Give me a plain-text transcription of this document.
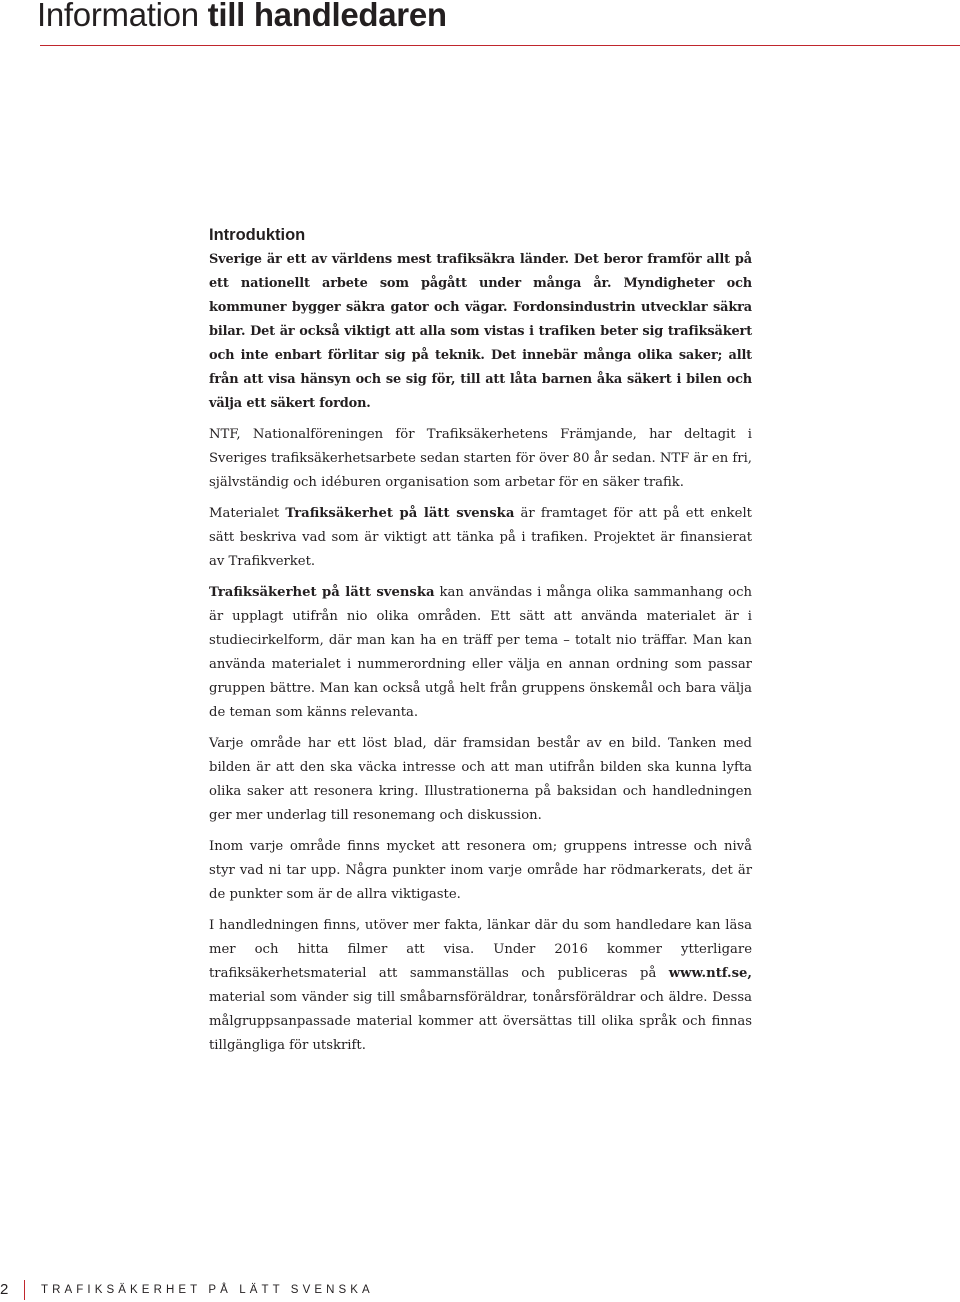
Information till handledaren
Introduktion

Sverige är ett av världens mest trafiksäkra länder. Det beror framför allt på ett nationellt arbete som pågått under många år. Myndigheter och kommuner bygger säkra gator och vägar. Fordonsindustrin utvecklar säkra bilar. Det är också viktigt att alla som vistas i trafiken beter sig trafiksäkert och inte enbart förlitar sig på teknik. Det innebär många olika saker; allt från att visa hänsyn och se sig för, till att låta barnen åka säkert i bilen och välja ett säkert fordon.

NTF, Nationalföreningen för Trafiksäkerhetens Främjande, har deltagit i Sveriges trafiksäkerhetsarbete sedan starten för över 80 år sedan. NTF är en fri, självständig och idéburen organisation som arbetar för en säker trafik.

Materialet Trafiksäkerhet på lätt svenska är framtaget för att på ett enkelt sätt beskriva vad som är viktigt att tänka på i trafiken. Projektet är finansierat av Trafikverket.

Trafiksäkerhet på lätt svenska kan användas i många olika sammanhang och är upplagt utifrån nio olika områden. Ett sätt att använda materialet är i studiecirkelform, där man kan ha en träff per tema – totalt nio träffar. Man kan använda materialet i nummerordning eller välja en annan ordning som passar gruppen bättre. Man kan också utgå helt från gruppens önskemål och bara välja de teman som känns relevanta.

Varje område har ett löst blad, där framsidan består av en bild. Tanken med bilden är att den ska väcka intresse och att man utifrån bilden ska kunna lyfta olika saker att resonera kring. Illustrationerna på baksidan och handledningen ger mer underlag till resonemang och diskussion.

Inom varje område finns mycket att resonera om; gruppens intresse och nivå styr vad ni tar upp. Några punkter inom varje område har rödmarkerats, det är de punkter som är de allra viktigaste.

I handledningen finns, utöver mer fakta, länkar där du som handledare kan läsa mer och hitta filmer att visa. Under 2016 kommer ytterligare trafiksäkerhetsmaterial att sammanställas och publiceras på www.ntf.se, material som vänder sig till småbarnsföräldrar, tonårsföräldrar och äldre. Dessa målgruppsanpassade material kommer att översättas till olika språk och finnas tillgängliga för utskrift.

2	TRAFIKSÄKERHET PÅ LÄTT SVENSKA
